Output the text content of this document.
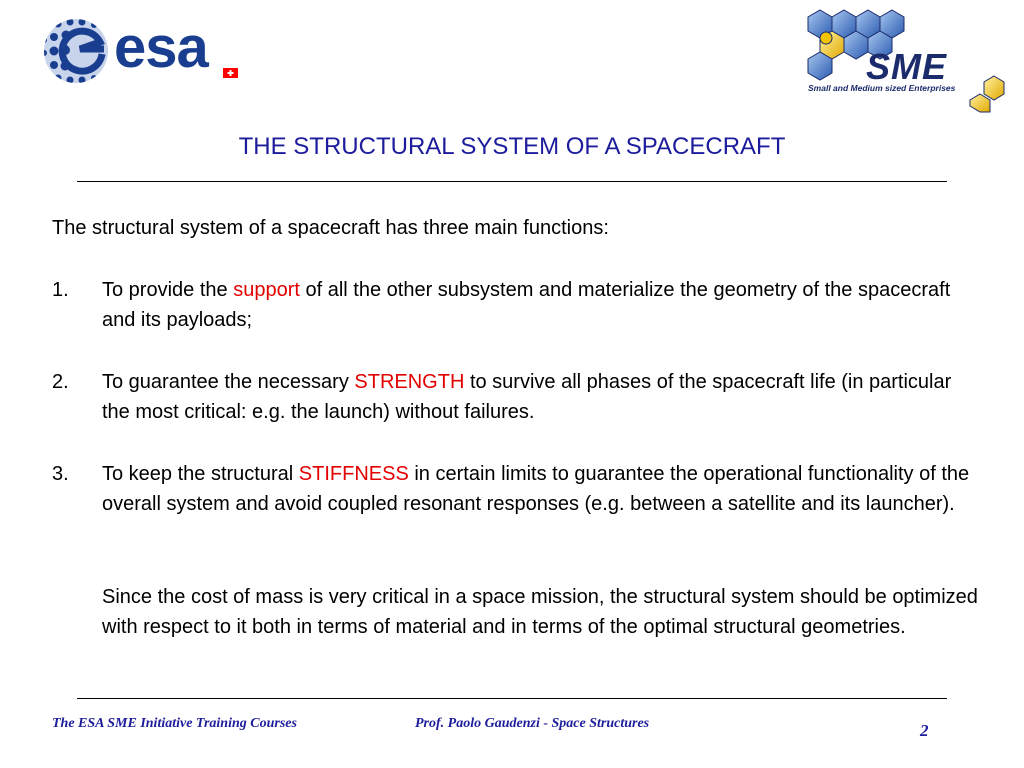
esa	SME
Small and Medium sized Enterprises
THE STRUCTURAL SYSTEM OF A SPACECRAFT
The structural system of a spacecraft has three main functions:
1. To provide the support of all the other subsystem and materialize the geometry of the spacecraft and its payloads;
2. To guarantee the necessary STRENGTH to survive all phases of the spacecraft life (in particular the most critical: e.g. the launch) without failures.
3. To keep the structural STIFFNESS in certain limits to guarantee the operational functionality of the overall system and avoid coupled resonant responses (e.g. between a satellite and its launcher).
Since the cost of mass is very critical in a space mission, the structural system should be optimized with respect to it both in terms of material and in terms of the optimal structural geometries.
The ESA SME Initiative Training Courses	Prof. Paolo Gaudenzi - Space Structures	2
